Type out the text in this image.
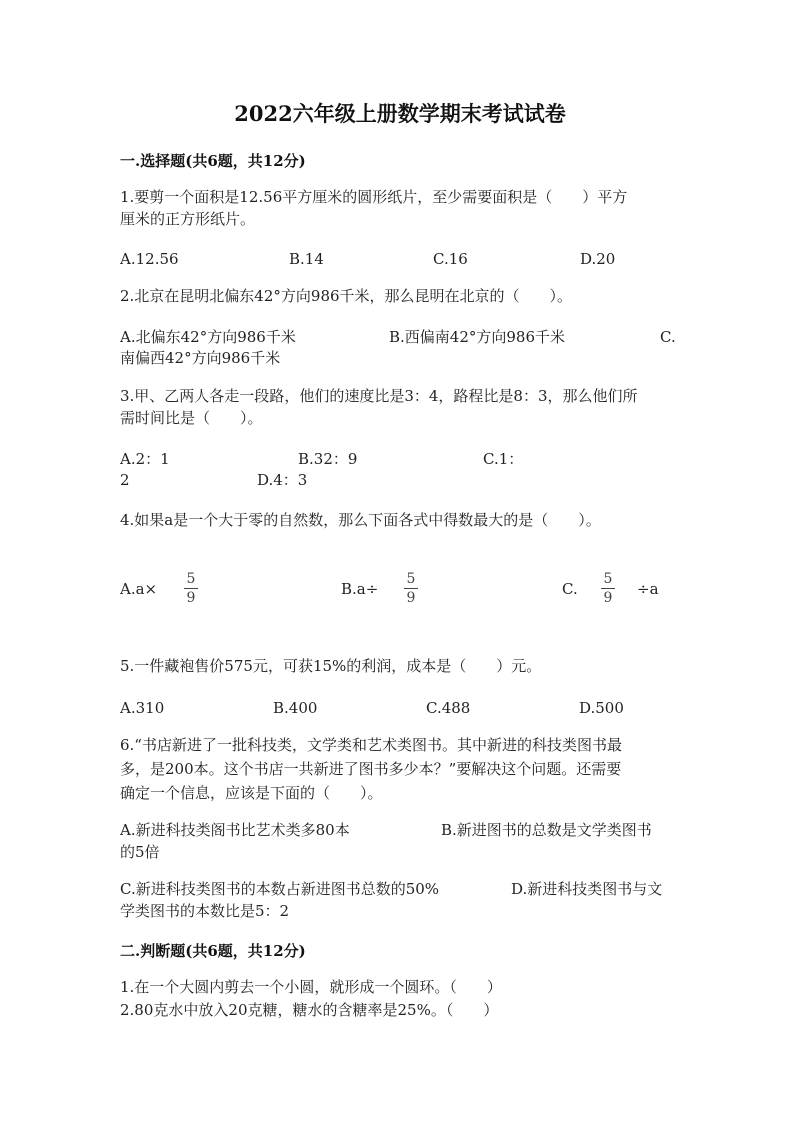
2022六年级上册数学期末考试试卷
一.选择题(共6题，共12分)
1.要剪一个面积是12.56平方厘米的圆形纸片，至少需要面积是（　　）平方
厘米的正方形纸片。
A.12.56	B.14	C.16	D.20
2.北京在昆明北偏东42°方向986千米，那么昆明在北京的（　　）。
A.北偏东42°方向986千米	B.西偏南42°方向986千米	C.
南偏西42°方向986千米
3.甲、乙两人各走一段路，他们的速度比是3：4，路程比是8：3，那么他们所
需时间比是（　　）。
A.2：1	B.32：9	C.1：
2	D.4：3
4.如果a是一个大于零的自然数，那么下面各式中得数最大的是（　　）。
A.a×
5
9	B.a÷
5
9	C.
5
9 ÷a
5.一件藏袍售价575元，可获15%的利润，成本是（　　）元。
A.310	B.400	C.488	D.500
6.“书店新进了一批科技类，文学类和艺术类图书。其中新进的科技类图书最
多，是200本。这个书店一共新进了图书多少本？”要解决这个问题。还需要
确定一个信息，应该是下面的（　　）。
A.新进科技类阁书比艺术类多80本	B.新进图书的总数是文学类图书
的5倍
C.新进科技类图书的本数占新进图书总数的50%	D.新进科技类图书与文
学类图书的本数比是5：2
二.判断题(共6题，共12分)
1.在一个大圆内剪去一个小圆，就形成一个圆环。（　　）
2.80克水中放入20克糖，糖水的含糖率是25%。（　　）
